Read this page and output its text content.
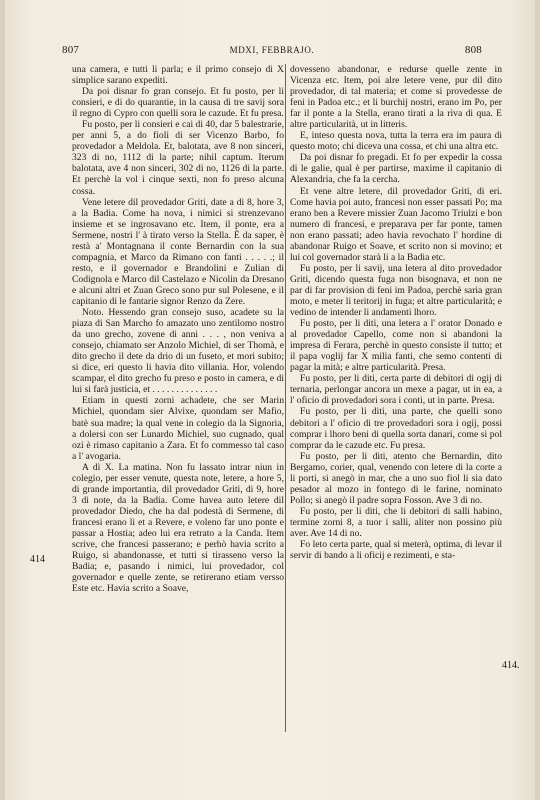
807	MDXI, FEBBRAJO.	808

una camera, e tutti li parla; e il primo consejo di X simplice sarano expediti.

Da poi disnar fo gran consejo. Et fu posto, per li consieri, e di do quarantie, in la causa di tre savij sora il regno di Cypro con quelli sora le cazude. Et fu presa.

Fu posto, per li consieri e cai di 40, dar 5 balestrarie, per anni 5, a do fioli di ser Vicenzo Barbo, fo provedador a Meldola. Et, balotata, ave 8 non sinceri, 323 di no, 1112 di la parte; nihil captum. Iterum balotata, ave 4 non sinceri, 302 di no, 1126 di la parte. Et perchè la vol i cinque sexti, non fo preso alcuna cossa.

Vene letere dil provedador Griti, date a dì 8, hore 3, a la Badia. Come ha nova, i nimici si strenzevano insieme et se ingrosavano etc. Item, il ponte, era a Sermene, nostri l' à tirato verso la Stella. È da saper, è restà a' Montagnana il conte Bernardin con la sua compagnia, et Marco da Rimano con fanti . . . . .; il resto, e il governador e Brandolini e Zulian di Codignola e Marco dil Castelazo e Nicolin da Dresano e alcuni altri et Zuan Greco sono pur sul Polesene, e il capitanio di le fantarie signor Renzo da Zere.

Noto. Hessendo gran consejo suso, acadete su la piaza di San Marcho fo amazato uno zentilomo nostro da uno grecho, zovene di anni . . . , non veniva a consejo, chiamato ser Anzolo Michiel, di ser Thomà, e dito grecho il dete da drio di un fuseto, et mori subito; si dice, eri questo li havia dito villania. Hor, volendo scampar, el dito grecho fu preso e posto in camera, e di lui si farà justicia, et . . . . . . . . . . . . . .

Etiam in questi zorni achadete, che ser Marin Michiel, quondam sier Alvixe, quondam ser Mafio, batè sua madre; la qual vene in colegio da la Signoria, a dolersi con ser Lunardo Michiel, suo cugnado, qual ozi è rimaso capitanio a Zara. Et fo commesso tal caso a l' avogaria.

A dì X. La matina. Non fu lassato intrar niun in colegio, per esser venute, questa note, letere, a hore 5, di grande importantia, dil provedador Griti, di 9, hore 3 di note, da la Badia. Come havea auto letere dil provedador Diedo, che ha dal podestà di Sermene, di francesi erano lì et a Revere, e voleno far uno ponte e passar a Hostia; adeo lui era retrato a la Canda. Item scrive, che francesi passerano; e perhò havia scrito a Ruigo, si abandonasse, et tutti si tirasseno verso la Badia; e, pasando i nimici, lui provedador, col governador e quelle zente, se retirerano etiam versso Este etc. Havia scrito a Soave,

dovesseno abandonar, e redurse quelle zente in Vicenza etc. Item, poi alre letere vene, pur dil dito provedador, di tal materia; et come si provedesse de feni in Padoa etc.; et li burchij nostri, erano im Po, per far il ponte a la Stella, erano tirati a la riva di qua. E altre particularità, ut in litteris.

E, inteso questa nova, tutta la terra era im paura di questo moto; chi diceva una cossa, et chi una altra etc.

Da poi disnar fo pregadi. Et fo per expedir la cossa di le galie, qual è per partirse, maxime il capitanio di Alexandria, che fa la cercha.

Et vene altre letere, dil provedador Griti, di eri. Come havia poi auto, francesi non esser passati Po; ma erano ben a Revere missier Zuan Jacomo Triulzi e bon numero di francesi, e preparava per far ponte, tamen non erano passati; adeo havia revochato l' hordine di abandonar Ruigo et Soave, et scrito non si movino; et lui col governador starà li a la Badia etc.

Fu posto, per li savij, una letera al dito provedador Griti, dicendo questa fuga non bisognava, et non ne par di far provision di feni im Padoa, perchè saria gran moto, e meter li teritorij in fuga; et altre particularità; e vedino de intender li andamenti lhoro.

Fu posto, per li diti, una letera a l' orator Donado e al provedador Capello, come non si abandoni la impresa di Ferara, perchè in questo consiste il tutto; et il papa voglij far X milia fanti, che semo contenti di pagar la mità; e altre particularità. Presa.

Fu posto, per li diti, certa parte di debitori di ogij di ternaria, perlongar ancora un mexe a pagar, ut in ea, a l' oficio di provedadori sora i conti, ut in parte. Presa.

Fu posto, per li diti, una parte, che quelli sono debitori a l' oficio di tre provedadori sora i ogij, possi comprar i lhoro beni di quella sorta danari, come si pol comprar da le cazude etc. Fu presa.

Fu posto, per li diti, atento che Bernardin, dito Bergamo, corier, qual, venendo con letere di la corte a li porti, si anegò in mar, che a uno suo fiol li sia dato pesador al mozo in fontego di le farine, nominato Pollo; si anegò il padre sopra Fosson. Ave 3 di no.

Fu posto, per li diti, che li debitori di salli habino, termine zorni 8, a tuor i salli, aliter non possino più aver. Ave 14 di no.

Fo leto certa parte, qual si meterà, optima, di levar il servir di bando a li oficij e rezimenti, e sta-

414
414.
